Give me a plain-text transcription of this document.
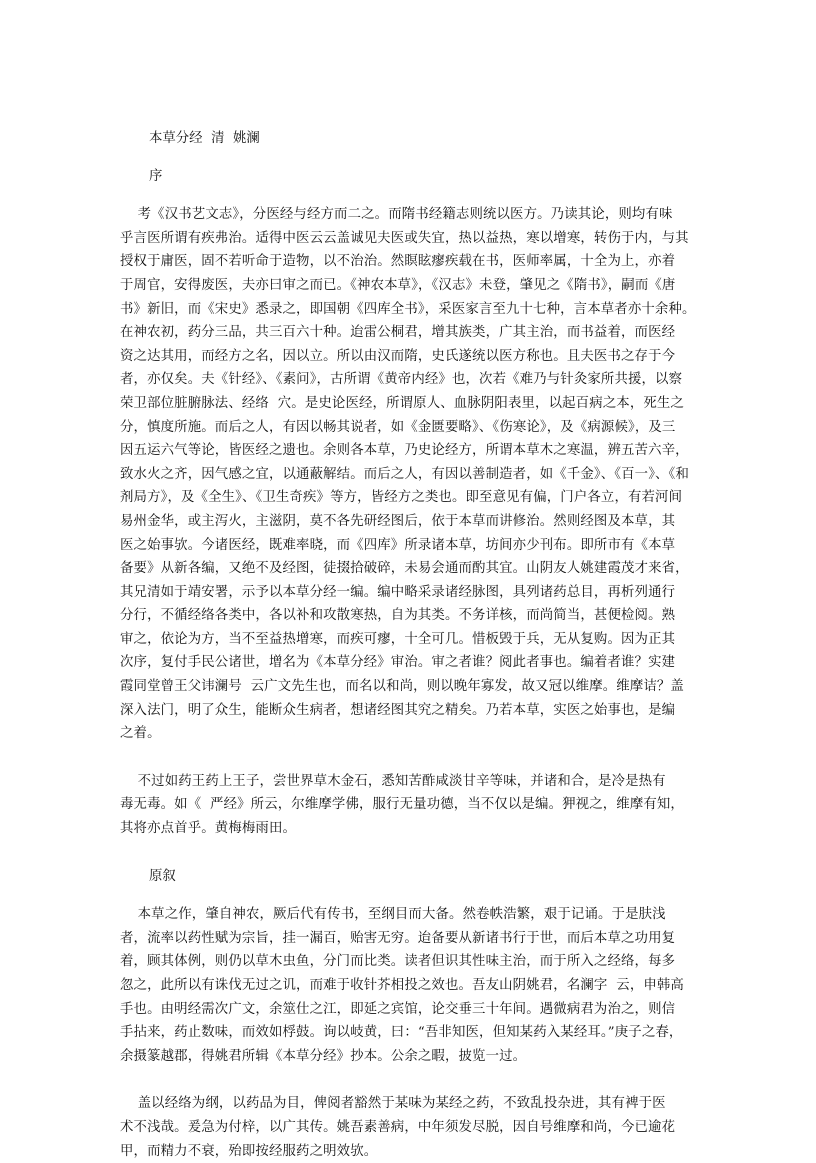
本草分经  清  姚澜
序
考《汉书艺文志》，分医经与经方而二之。而隋书经籍志则统以医方。乃读其论，则均有味
乎言医所谓有疾弗治。适得中医云云盖诚见夫医或失宜，热以益热，寒以增寒，转伤于内，与其
授权于庸医，固不若听命于造物，以不治治。然瞑眩瘳疾载在书，医师率属，十全为上，亦着
于周官，安得废医，夫亦曰审之而已。《神农本草》，《汉志》未登，肇见之《隋书》，嗣而《唐
书》新旧，而《宋史》悉录之，即国朝《四库全书》，采医家言至九十七种，言本草者亦十余种。
在神农初，药分三品，共三百六十种。迨雷公桐君，增其族类，广其主治，而书益着，而医经
资之达其用，而经方之名，因以立。所以由汉而隋，史氏遂统以医方称也。且夫医书之存于今
者，亦仅矣。夫《针经》、《素问》，古所谓《黄帝内经》也，次若《难乃与针灸家所共援，以察
荣卫部位脏腑脉法、经络  穴。是史论医经，所谓原人、血脉阴阳表里，以起百病之本，死生之
分，慎度所施。而后之人，有因以畅其说者，如《金匮要略》、《伤寒论》，及《病源候》，及三
因五运六气等论，皆医经之遗也。余则各本草，乃史论经方，所谓本草木之寒温，辨五苦六辛，
致水火之齐，因气感之宜，以通蔽解结。而后之人，有因以善制造者，如《千金》、《百一》、《和
剂局方》，及《全生》、《卫生奇疾》等方，皆经方之类也。即至意见有偏，门户各立，有若河间
易州金华，或主泻火，主滋阴，莫不各先研经图后，依于本草而讲修治。然则经图及本草，其
医之始事欤。今诸医经，既难率晓，而《四库》所录诸本草，坊间亦少刊布。即所市有《本草
备要》从新各编，又绝不及经图，徒掇拾破碎，未易会通而酌其宜。山阴友人姚建霞茂才来省，
其兄清如于靖安署，示予以本草分经一编。编中略采录诸经脉图，具列诸药总目，再析列通行
分行，不循经络各类中，各以补和攻散寒热，自为其类。不务详核，而尚简当，甚便检阅。熟
审之，依论为方，当不至益热增寒，而疾可瘳，十全可几。惜板毁于兵，无从复购。因为正其
次序，复付手民公诸世，增名为《本草分经》审治。审之者谁？阅此者事也。编着者谁？实建
霞同堂曾王父讳澜号  云广文先生也，而名以和尚，则以晚年寡发，故又冠以维摩。维摩诘？盖
深入法门，明了众生，能断众生病者，想诸经图其究之精矣。乃若本草，实医之始事也，是编
之着。
不过如药王药上王子，尝世界草木金石，悉知苦酢咸淡甘辛等味，并诸和合，是冷是热有
毒无毒。如《  严经》所云，尔维摩学佛，服行无量功德，当不仅以是编。狎视之，维摩有知，
其将亦点首乎。黄梅梅雨田。
原叙
本草之作，肇自神农，厥后代有传书，至纲目而大备。然卷帙浩繁，艰于记诵。于是肤浅
者，流率以药性赋为宗旨，挂一漏百，贻害无穷。迨备要从新诸书行于世，而后本草之功用复
着，顾其体例，则仍以草木虫鱼，分门而比类。读者但识其性味主治，而于所入之经络，每多
忽之，此所以有诛伐无过之讥，而难于收针芥相投之效也。吾友山阴姚君，名澜字  云，申韩高
手也。由明经需次广文，余筮仕之江，即延之宾馆，论交垂三十年间。遇微病君为治之，则信
手拈来，药止数味，而效如桴鼓。询以岐黄，曰：“吾非知医，但知某药入某经耳。”庚子之春，
余摄篆越郡，得姚君所辑《本草分经》抄本。公余之暇，披览一过。
盖以经络为纲，以药品为目，俾阅者豁然于某味为某经之药，不致乱投杂进，其有裨于医
术不浅哉。爰急为付梓，以广其传。姚吾素善病，中年须发尽脱，因自号维摩和尚，今已逾花
甲，而精力不衰，殆即按经服药之明效欤。
